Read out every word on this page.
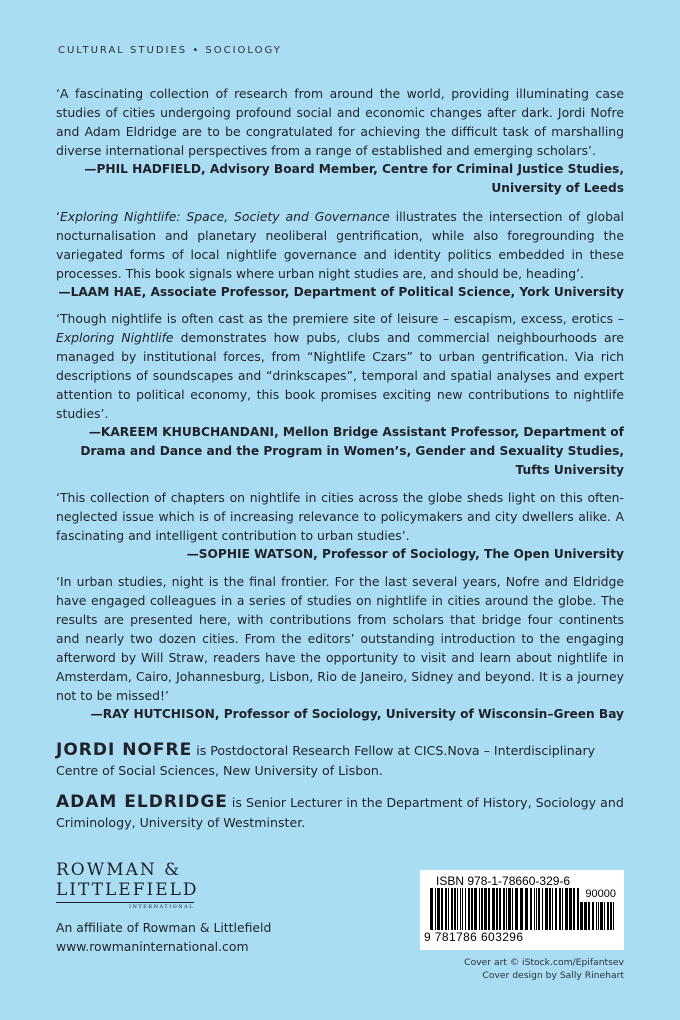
CULTURAL STUDIES • SOCIOLOGY

‘A fascinating collection of research from around the world, providing illuminating case studies of cities undergoing profound social and economic changes after dark. Jordi Nofre and Adam Eldridge are to be congratulated for achieving the difficult task of marshalling diverse international perspectives from a range of established and emerging scholars’.

—PHIL HADFIELD, Advisory Board Member, Centre for Criminal Justice Studies,

University of Leeds

‘Exploring Nightlife: Space, Society and Governance illustrates the intersection of global nocturnalisation and planetary neoliberal gentrification, while also foregrounding the variegated forms of local nightlife governance and identity politics embedded in these processes. This book signals where urban night studies are, and should be, heading’.

—LAAM HAE, Associate Professor, Department of Political Science, York University

‘Though nightlife is often cast as the premiere site of leisure – escapism, excess, erotics – Exploring Nightlife demonstrates how pubs, clubs and commercial neighbourhoods are managed by institutional forces, from “Nightlife Czars” to urban gentrification. Via rich descriptions of soundscapes and “drinkscapes”, temporal and spatial analyses and expert attention to political economy, this book promises exciting new contributions to nightlife studies’.

—KAREEM KHUBCHANDANI, Mellon Bridge Assistant Professor, Department of

Drama and Dance and the Program in Women’s, Gender and Sexuality Studies,

Tufts University

‘This collection of chapters on nightlife in cities across the globe sheds light on this often-neglected issue which is of increasing relevance to policymakers and city dwellers alike. A fascinating and intelligent contribution to urban studies’.

—SOPHIE WATSON, Professor of Sociology, The Open University

‘In urban studies, night is the final frontier. For the last several years, Nofre and Eldridge have engaged colleagues in a series of studies on nightlife in cities around the globe. The results are presented here, with contributions from scholars that bridge four continents and nearly two dozen cities. From the editors’ outstanding introduction to the engaging afterword by Will Straw, readers have the opportunity to visit and learn about nightlife in Amsterdam, Cairo, Johannesburg, Lisbon, Rio de Janeiro, Sidney and beyond. It is a journey not to be missed!’

—RAY HUTCHISON, Professor of Sociology, University of Wisconsin–Green Bay

JORDI NOFRE is Postdoctoral Research Fellow at CICS.Nova – Interdisciplinary Centre of Social Sciences, New University of Lisbon.
ADAM ELDRIDGE is Senior Lecturer in the Department of History, Sociology and Criminology, University of Westminster.
ROWMAN &
LITTLEFIELD
INTERNATIONAL
An affiliate of Rowman & Littlefield
www.rowmaninternational.com
ISBN 978-1-78660-329-6
90000
9 781786 603296
Cover art © iStock.com/Epifantsev
Cover design by Sally Rinehart
